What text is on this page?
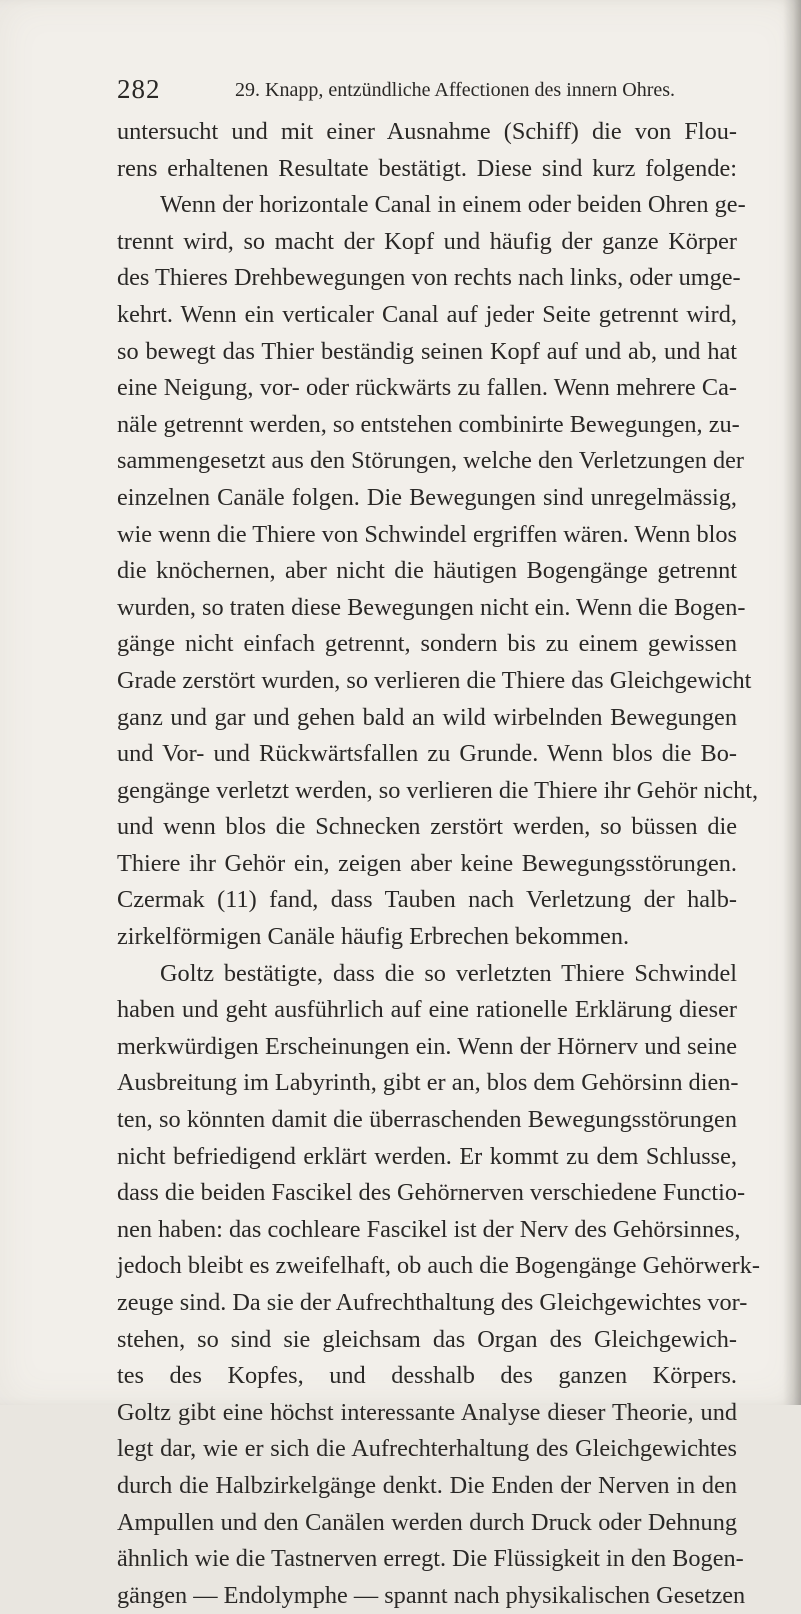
282	29. Knapp, entzündliche Affectionen des innern Ohres.
untersucht und mit einer Ausnahme (Schiff) die von Flou-
rens erhaltenen Resultate bestätigt. Diese sind kurz folgende:
Wenn der horizontale Canal in einem oder beiden Ohren ge-
trennt wird, so macht der Kopf und häufig der ganze Körper
des Thieres Drehbewegungen von rechts nach links, oder umge-
kehrt. Wenn ein verticaler Canal auf jeder Seite getrennt wird,
so bewegt das Thier beständig seinen Kopf auf und ab, und hat
eine Neigung, vor- oder rückwärts zu fallen. Wenn mehrere Ca-
näle getrennt werden, so entstehen combinirte Bewegungen, zu-
sammengesetzt aus den Störungen, welche den Verletzungen der
einzelnen Canäle folgen. Die Bewegungen sind unregelmässig,
wie wenn die Thiere von Schwindel ergriffen wären. Wenn blos
die knöchernen, aber nicht die häutigen Bogengänge getrennt
wurden, so traten diese Bewegungen nicht ein. Wenn die Bogen-
gänge nicht einfach getrennt, sondern bis zu einem gewissen
Grade zerstört wurden, so verlieren die Thiere das Gleichgewicht
ganz und gar und gehen bald an wild wirbelnden Bewegungen
und Vor- und Rückwärtsfallen zu Grunde. Wenn blos die Bo-
gengänge verletzt werden, so verlieren die Thiere ihr Gehör nicht,
und wenn blos die Schnecken zerstört werden, so büssen die
Thiere ihr Gehör ein, zeigen aber keine Bewegungsstörungen.
Czermak (11) fand, dass Tauben nach Verletzung der halb-
zirkelförmigen Canäle häufig Erbrechen bekommen.
Goltz bestätigte, dass die so verletzten Thiere Schwindel
haben und geht ausführlich auf eine rationelle Erklärung dieser
merkwürdigen Erscheinungen ein. Wenn der Hörnerv und seine
Ausbreitung im Labyrinth, gibt er an, blos dem Gehörsinn dien-
ten, so könnten damit die überraschenden Bewegungsstörungen
nicht befriedigend erklärt werden. Er kommt zu dem Schlusse,
dass die beiden Fascikel des Gehörnerven verschiedene Functio-
nen haben: das cochleare Fascikel ist der Nerv des Gehörsinnes,
jedoch bleibt es zweifelhaft, ob auch die Bogengänge Gehörwerk-
zeuge sind. Da sie der Aufrechthaltung des Gleichgewichtes vor-
stehen, so sind sie gleichsam das Organ des Gleichgewich-
tes des Kopfes, und desshalb des ganzen Körpers.
Goltz gibt eine höchst interessante Analyse dieser Theorie, und
legt dar, wie er sich die Aufrechterhaltung des Gleichgewichtes
durch die Halbzirkelgänge denkt. Die Enden der Nerven in den
Ampullen und den Canälen werden durch Druck oder Dehnung
ähnlich wie die Tastnerven erregt. Die Flüssigkeit in den Bogen-
gängen — Endolymphe — spannt nach physikalischen Gesetzen
